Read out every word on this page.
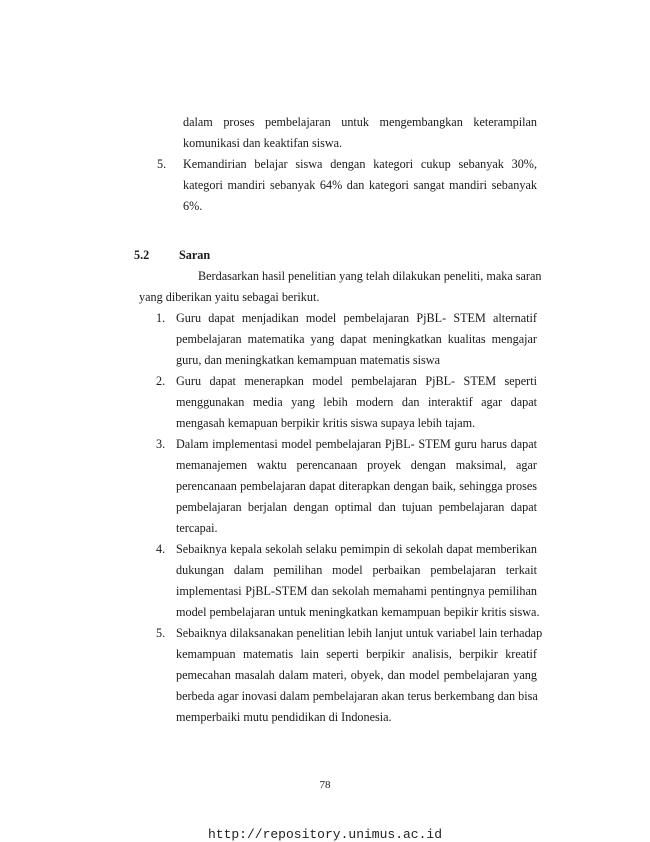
dalam proses pembelajaran untuk mengembangkan keterampilan
komunikasi dan keaktifan siswa.
5. Kemandirian belajar siswa dengan kategori cukup sebanyak 30%,
kategori mandiri sebanyak 64% dan kategori sangat mandiri sebanyak
6%.
5.2 Saran
Berdasarkan hasil penelitian yang telah dilakukan peneliti, maka saran
yang diberikan yaitu sebagai berikut.
1. Guru dapat menjadikan model pembelajaran PjBL- STEM alternatif
pembelajaran matematika yang dapat meningkatkan kualitas mengajar
guru, dan meningkatkan kemampuan matematis siswa
2. Guru dapat menerapkan model pembelajaran PjBL- STEM seperti
menggunakan media yang lebih modern dan interaktif agar dapat
mengasah kemapuan berpikir kritis siswa supaya lebih tajam.
3. Dalam implementasi model pembelajaran PjBL- STEM guru harus dapat
memanajemen waktu perencanaan proyek dengan maksimal, agar
perencanaan pembelajaran dapat diterapkan dengan baik, sehingga proses
pembelajaran berjalan dengan optimal dan tujuan pembelajaran dapat
tercapai.
4. Sebaiknya kepala sekolah selaku pemimpin di sekolah dapat memberikan
dukungan dalam pemilihan model perbaikan pembelajaran terkait
implementasi PjBL-STEM dan sekolah memahami pentingnya pemilihan
model pembelajaran untuk meningkatkan kemampuan bepikir kritis siswa.
5. Sebaiknya dilaksanakan penelitian lebih lanjut untuk variabel lain terhadap
kemampuan matematis lain seperti berpikir analisis, berpikir kreatif
pemecahan masalah dalam materi, obyek, dan model pembelajaran yang
berbeda agar inovasi dalam pembelajaran akan terus berkembang dan bisa
memperbaiki mutu pendidikan di Indonesia.
78
http://repository.unimus.ac.id
